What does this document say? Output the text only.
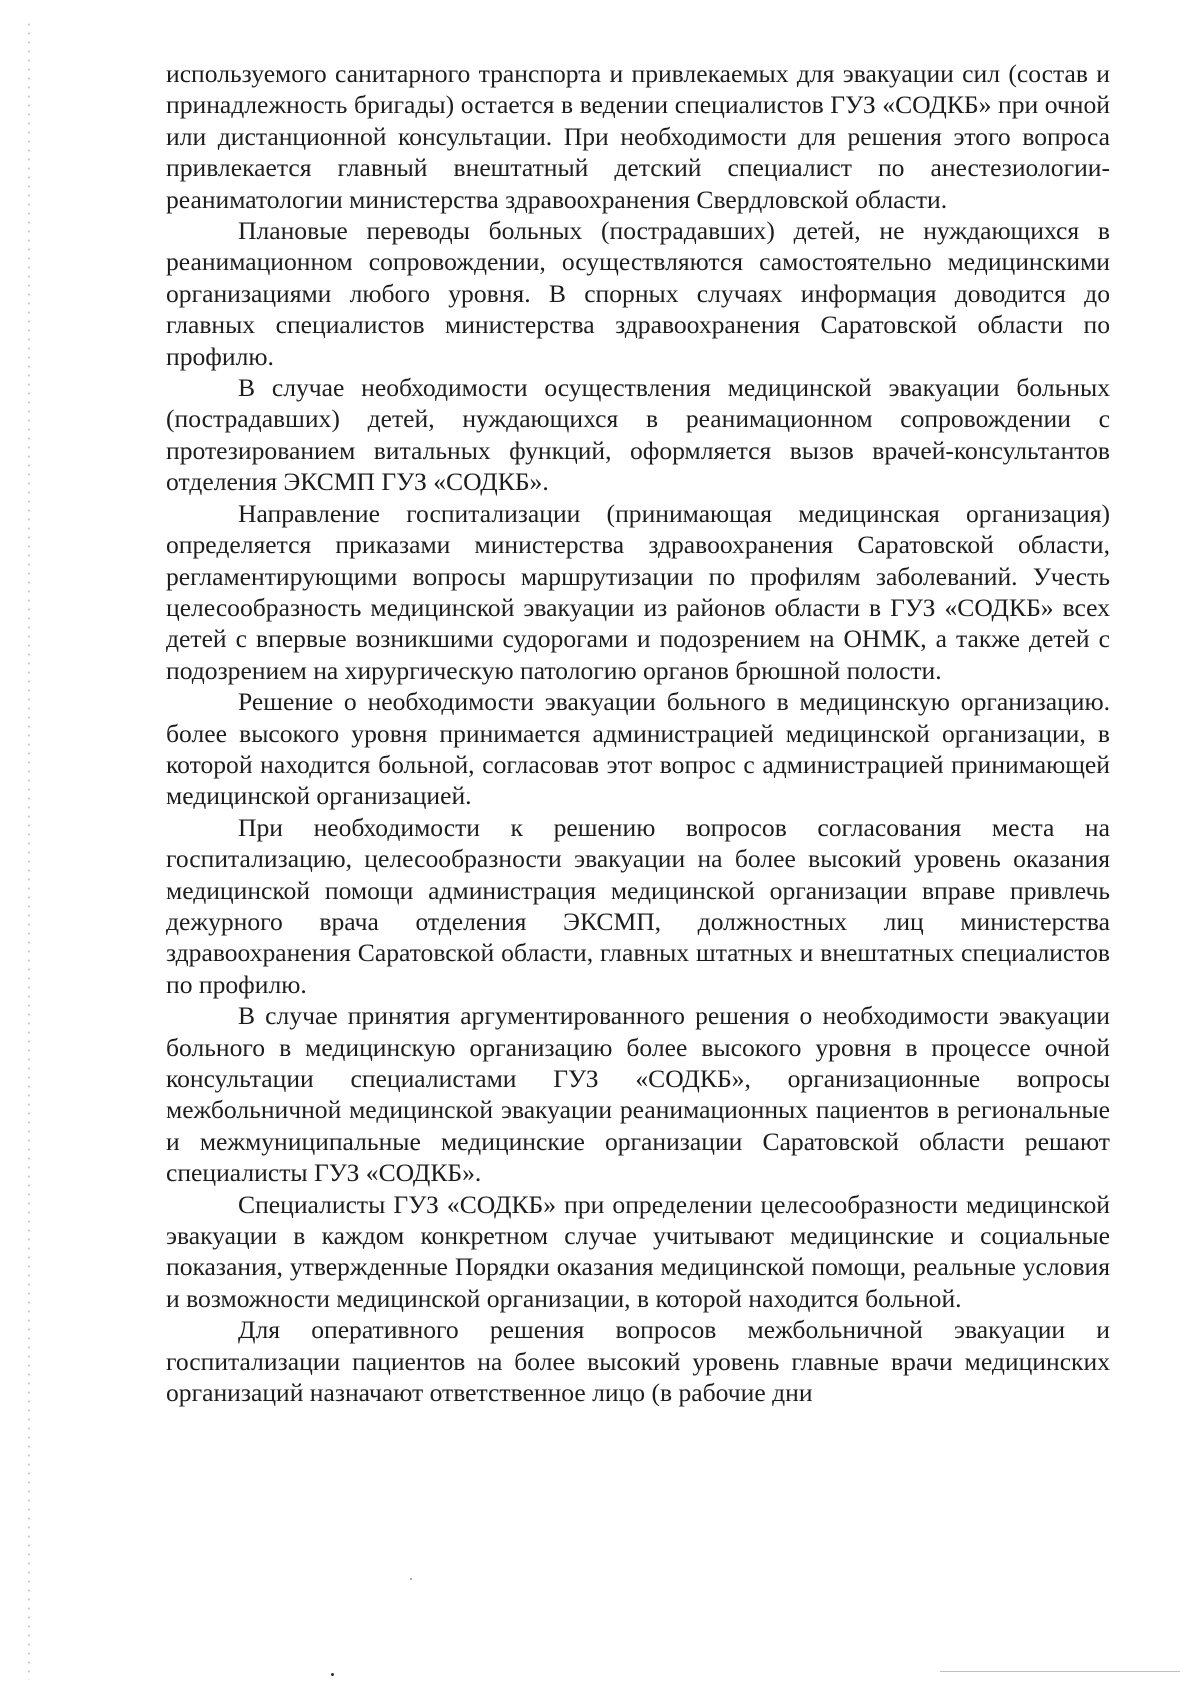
используемого санитарного транспорта и привлекаемых для эвакуации сил (состав и принадлежность бригады) остается в ведении специалистов ГУЗ «СОДКБ» при очной или дистанционной консультации. При необходимости для решения этого вопроса привлекается главный внештатный детский специалист по анестезиологии-реаниматологии министерства здравоохранения Свердловской области.

Плановые переводы больных (пострадавших) детей, не нуждающихся в реанимационном сопровождении, осуществляются самостоятельно медицинскими организациями любого уровня. В спорных случаях информация доводится до главных специалистов министерства здравоохранения Саратовской области по профилю.

В случае необходимости осуществления медицинской эвакуации больных (пострадавших) детей, нуждающихся в реанимационном сопровождении с протезированием витальных функций, оформляется вызов врачей-консультантов отделения ЭКСМП ГУЗ «СОДКБ».

Направление госпитализации (принимающая медицинская организация) определяется приказами министерства здравоохранения Саратовской области, регламентирующими вопросы маршрутизации по профилям заболеваний. Учесть целесообразность медицинской эвакуации из районов области в ГУЗ «СОДКБ» всех детей с впервые возникшими судорогами и подозрением на ОНМК, а также детей с подозрением на хирургическую патологию органов брюшной полости.

Решение о необходимости эвакуации больного в медицинскую организацию. более высокого уровня принимается администрацией медицинской организации, в которой находится больной, согласовав этот вопрос с администрацией принимающей медицинской организацией.

При необходимости к решению вопросов согласования места на госпитализацию, целесообразности эвакуации на более высокий уровень оказания медицинской помощи администрация медицинской организации вправе привлечь дежурного врача отделения ЭКСМП, должностных лиц министерства здравоохранения Саратовской области, главных штатных и внештатных специалистов по профилю.

В случае принятия аргументированного решения о необходимости эвакуации больного в медицинскую организацию более высокого уровня в процессе очной консультации специалистами ГУЗ «СОДКБ», организационные вопросы межбольничной медицинской эвакуации реанимационных пациентов в региональные и межмуниципальные медицинские организации Саратовской области решают специалисты ГУЗ «СОДКБ».

Специалисты ГУЗ «СОДКБ» при определении целесообразности медицинской эвакуации в каждом конкретном случае учитывают медицинские и социальные показания, утвержденные Порядки оказания медицинской помощи, реальные условия и возможности медицинской организации, в которой находится больной.

Для оперативного решения вопросов межбольничной эвакуации и госпитализации пациентов на более высокий уровень главные врачи медицинских организаций назначают ответственное лицо (в рабочие дни
